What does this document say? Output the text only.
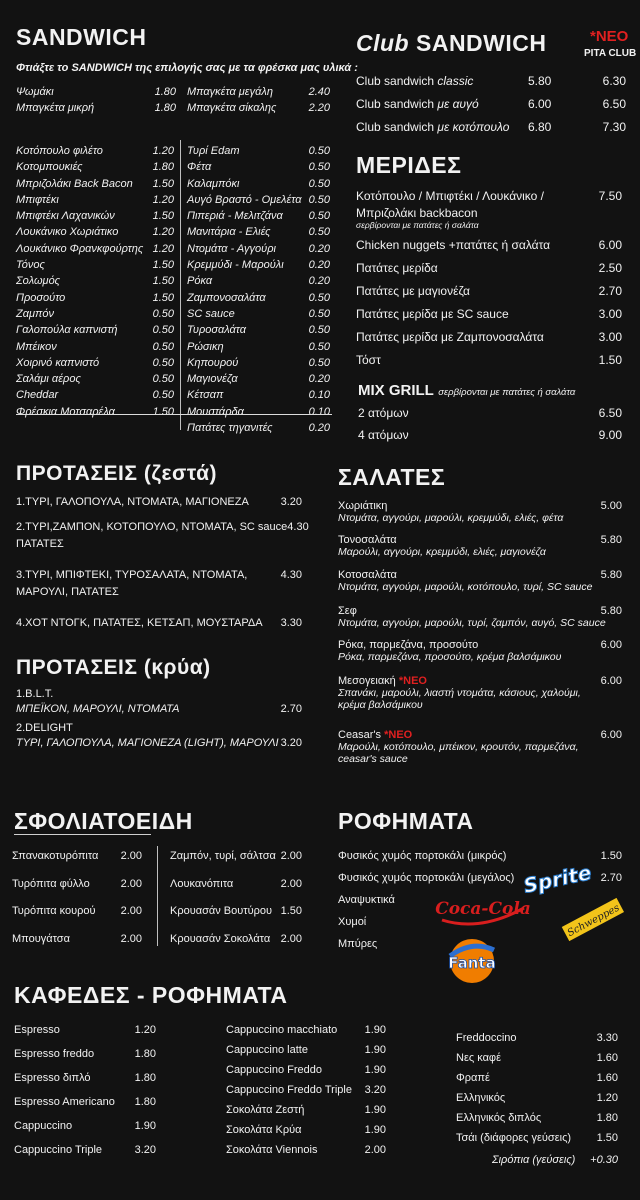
SANDWICH
Φτιάξτε το SANDWICH της επιλογής σας με τα φρέσκα μας υλικά :
Ψωμάκι	1.80
Μπαγκέτα μικρή	1.80
Μπαγκέτα μεγάλη	2.40
Μπαγκέτα σίκαλης	2.20
Κοτόπουλο φιλέτο	1.20
Κοτομπουκιές	1.80
Μπριζολάκι Back Bacon	1.50
Μπιφτέκι	1.20
Μπιφτέκι Λαχανικών	1.50
Λουκάνικο Χωριάτικο	1.20
Λουκάνικο Φρανκφούρτης 1.20
Τόνος	1.50
Σολωμός	1.50
Προσούτο	1.50
Ζαμπόν	0.50
Γαλοπούλα καπνιστή	0.50
Μπέικον	0.50
Χοιρινό καπνιστό	0.50
Σαλάμι αέρος	0.50
Cheddar	0.50
Φρέσκια Μοτσαρέλα	1.50
Τυρί Edam	0.50
Φέτα	0.50
Καλαμπόκι	0.50
Αυγό Βραστό - Ομελέτα 0.50
Πιπεριά - Μελιτζάνα	0.50
Μανιτάρια - Ελιές	0.50
Ντομάτα - Αγγούρι	0.20
Κρεμμύδι - Μαρούλι	0.20
Ρόκα	0.20
Ζαμπονοσαλάτα	0.50
SC sauce	0.50
Τυροσαλάτα	0.50
Ρώσικη	0.50
Κηπουρού	0.50
Μαγιονέζα	0.20
Κέτσαπ	0.10
Μουστάρδα	0.10
Πατάτες τηγανιτές	0.20
Club SANDWICH	*NEO
PITA CLUB
Club sandwich classic	5.80	6.30
Club sandwich με αυγό	6.00	6.50
Club sandwich με κοτόπουλο	6.80	7.30
ΜΕΡΙΔΕΣ
Κοτόπουλο / Μπιφτέκι / Λουκάνικο /	7.50
Μπριζολάκι backbacon
σερβίρονται με πατάτες ή σαλάτα
Chicken nuggets +πατάτες ή σαλάτα	6.00
Πατάτες μερίδα	2.50
Πατάτες με μαγιονέζα	2.70
Πατάτες μερίδα με SC sauce	3.00
Πατάτες μερίδα με Ζαμπονοσαλάτα	3.00
Τόστ	1.50
MIX GRILL σερβίρονται με πατάτες ή σαλάτα
2 ατόμων	6.50
4 ατόμων	9.00
ΠΡΟΤΑΣΕΙΣ (ζεστά)
1.ΤΥΡΙ, ΓΑΛΟΠΟΥΛΑ, ΝΤΟΜΑΤΑ, ΜΑΓΙΟΝΕΖΑ	3.20
2.ΤΥΡΙ,ΖΑΜΠΟΝ, ΚΟΤΟΠΟΥΛΟ, ΝΤΟΜΑΤΑ, SC sauce 4.30
ΠΑΤΑΤΕΣ
3.ΤΥΡΙ, ΜΠΙΦΤΕΚΙ, ΤΥΡΟΣΑΛΑΤΑ, ΝΤΟΜΑΤΑ,	4.30
ΜΑΡΟΥΛΙ, ΠΑΤΑΤΕΣ
4.ΧΟΤ ΝΤΟΓΚ, ΠΑΤΑΤΕΣ, ΚΕΤΣΑΠ, ΜΟΥΣΤΑΡΔΑ	3.30
ΠΡΟΤΑΣΕΙΣ (κρύα)
1.B.L.T.
ΜΠΕΪΚΟΝ, ΜΑΡΟΥΛΙ, ΝΤΟΜΑΤΑ	2.70
2.DELIGHT
ΤΥΡΙ, ΓΑΛΟΠΟΥΛΑ, ΜΑΓΙΟΝΕΖΑ (LIGHT), ΜΑΡΟΥΛΙ 3.20
ΣΑΛΑΤΕΣ
Χωριάτικη	5.00
Ντομάτα, αγγούρι, μαρούλι, κρεμμύδι, ελιές, φέτα
Τονοσαλάτα	5.80
Μαρούλι, αγγούρι, κρεμμύδι, ελιές, μαγιονέζα
Κοτοσαλάτα	5.80
Ντομάτα, αγγούρι, μαρούλι, κοτόπουλο, τυρί, SC sauce
Σεφ	5.80
Ντομάτα, αγγούρι, μαρούλι, τυρί, ζαμπόν, αυγό, SC sauce
Ρόκα, παρμεζάνα, προσούτο	6.00
Ρόκα, παρμεζάνα, προσούτο, κρέμα βαλσάμικου
Μεσογειακή *ΝΕΟ	6.00
Σπανάκι, μαρούλι, λιαστή ντομάτα, κάσιους, χαλούμι,
κρέμα βαλσάμικου
Ceasar's *ΝΕΟ	6.00
Μαρούλι, κοτόπουλο, μπέικον, κρουτόν, παρμεζάνα,
ceasar's sauce
ΣΦΟΛΙΑΤΟΕΙΔΗ
Σπανακοτυρόπιτα	2.00
Τυρόπιτα φύλλο	2.00
Τυρόπιτα κουρού	2.00
Μπουγάτσα	2.00
Ζαμπόν, τυρί, σάλτσα 2.00
Λουκανόπιτα	2.00
Κρουασάν Βουτύρου 1.50
Κρουασάν Σοκολάτα 2.00
ΡΟΦΗΜΑΤΑ
Φυσικός χυμός πορτοκάλι (μικρός)	1.50
Φυσικός χυμός πορτοκάλι (μεγάλος)	2.70
Αναψυκτικά
Χυμοί
Μπύρες
Coca-Cola
Sprite
Schweppes
Fanta
ΚΑΦΕΔΕΣ - ΡΟΦΗΜΑΤΑ
Espresso	1.20
Espresso freddo	1.80
Espresso διπλό	1.80
Espresso Americano	1.80
Cappuccino	1.90
Cappuccino Triple	3.20
Cappuccino macchiato	1.90
Cappuccino latte	1.90
Cappuccino Freddo	1.90
Cappuccino Freddo Triple	3.20
Σοκολάτα Ζεστή	1.90
Σοκολάτα Κρύα	1.90
Σοκολάτα Viennois	2.00
Freddoccino	3.30
Νες καφέ	1.60
Φραπέ	1.60
Ελληνικός	1.20
Ελληνικός διπλός	1.80
Τσάι (διάφορες γεύσεις)	1.50
Σιρόπια (γεύσεις)	+0.30
